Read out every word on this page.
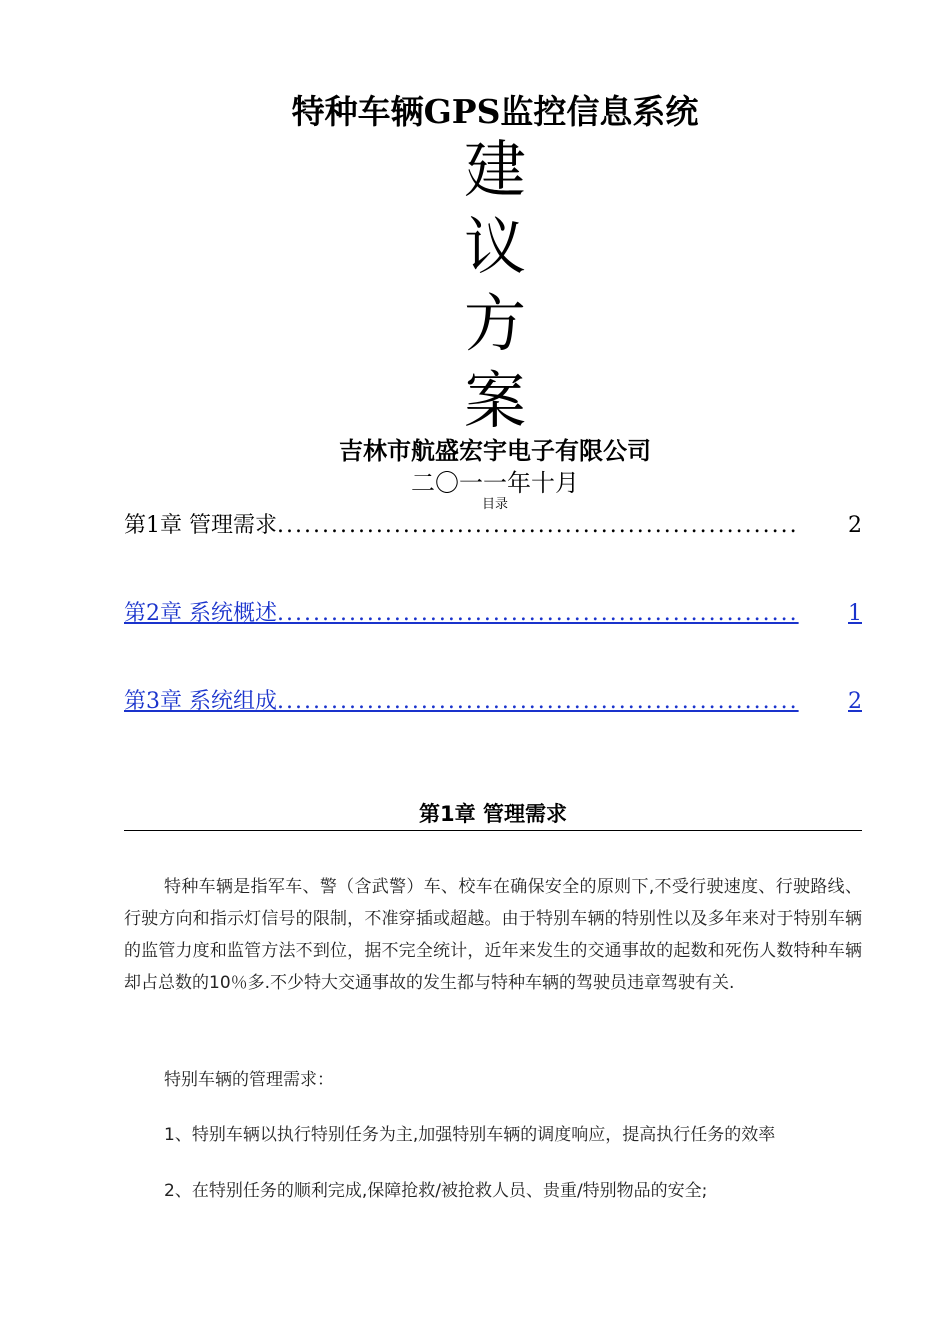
特种车辆GPS监控信息系统
建
议
方
案
吉林市航盛宏宇电子有限公司
二〇一一年十月
目录
第1章 管理需求 ..........................................................	2
第2章 系统概述 ..........................................................	1
第3章 系统组成 ..........................................................	2
第1章 管理需求
特种车辆是指军车、警（含武警）车、校车在确保安全的原则下,不受行驶速度、行驶路线、行驶方向和指示灯信号的限制，不准穿插或超越。由于特别车辆的特别性以及多年来对于特别车辆的监管力度和监管方法不到位，据不完全统计，近年来发生的交通事故的起数和死伤人数特种车辆却占总数的10％多.不少特大交通事故的发生都与特种车辆的驾驶员违章驾驶有关.
特别车辆的管理需求：
1、特别车辆以执行特别任务为主,加强特别车辆的调度响应，提高执行任务的效率
2、在特别任务的顺利完成,保障抢救/被抢救人员、贵重/特别物品的安全;
